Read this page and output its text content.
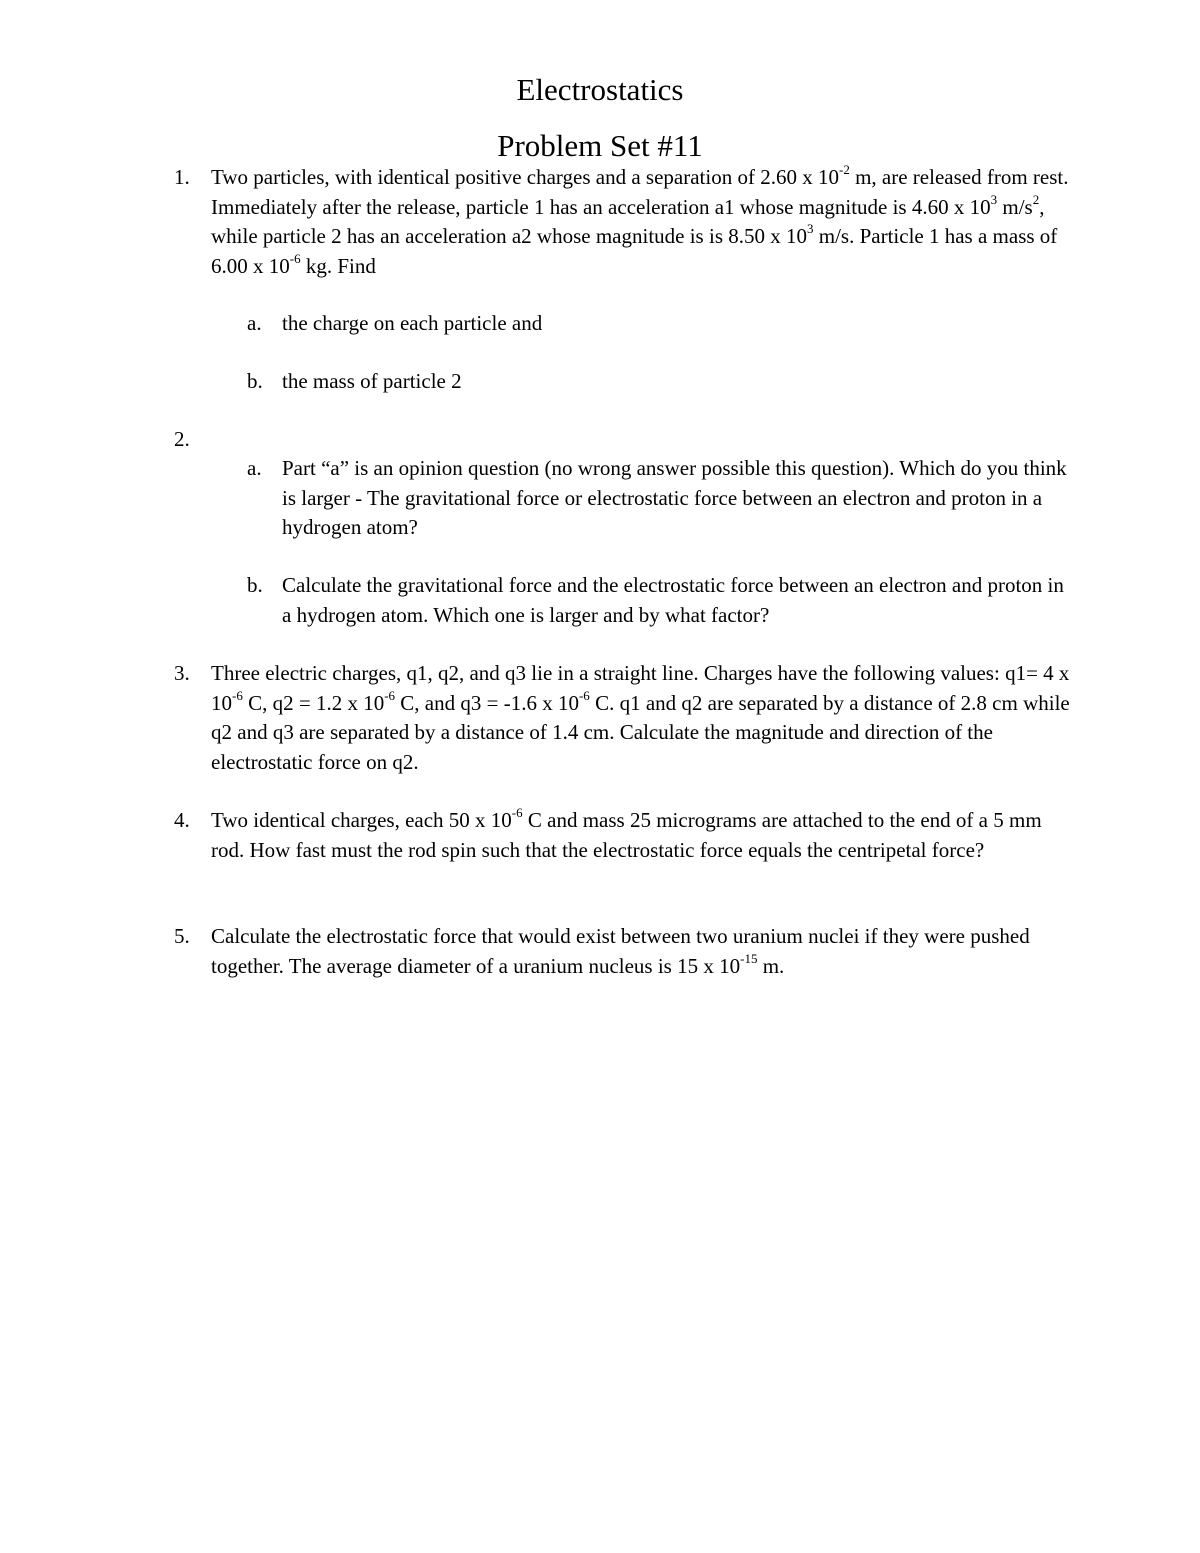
Electrostatics
Problem Set #11
1.	Two particles, with identical positive charges and a separation of 2.60 x $10^{-2}$ m, are released from rest. Immediately after the release, particle 1 has an acceleration a1 whose magnitude is 4.60 x $10^3$ $m/s^2$, while particle 2 has an acceleration a2 whose magnitude is is 8.50 x $10^3$ m/s. Particle 1 has a mass of 6.00 x $10^{-6}$ kg. Find
a. the charge on each particle and
b. the mass of particle 2
2.
a. Part “a” is an opinion question (no wrong answer possible this question). Which do you think is larger - The gravitational force or electrostatic force between an electron and proton in a hydrogen atom?
b. Calculate the gravitational force and the electrostatic force between an electron and proton in a hydrogen atom. Which one is larger and by what factor?
3.	Three electric charges, q1, q2, and q3 lie in a straight line. Charges have the following values: q1= 4 x $10^{-6}$ C, q2 = 1.2 x $10^{-6}$ C, and q3 = -1.6 x $10^{-6}$ C. q1 and q2 are separated by a distance of 2.8 cm while q2 and q3 are separated by a distance of 1.4 cm. Calculate the magnitude and direction of the electrostatic force on q2.
4.	Two identical charges, each 50 x $10^{-6}$ C and mass 25 micrograms are attached to the end of a 5 mm rod. How fast must the rod spin such that the electrostatic force equals the centripetal force?
5.	Calculate the electrostatic force that would exist between two uranium nuclei if they were pushed together. The average diameter of a uranium nucleus is 15 x $10^{-15}$ m.
